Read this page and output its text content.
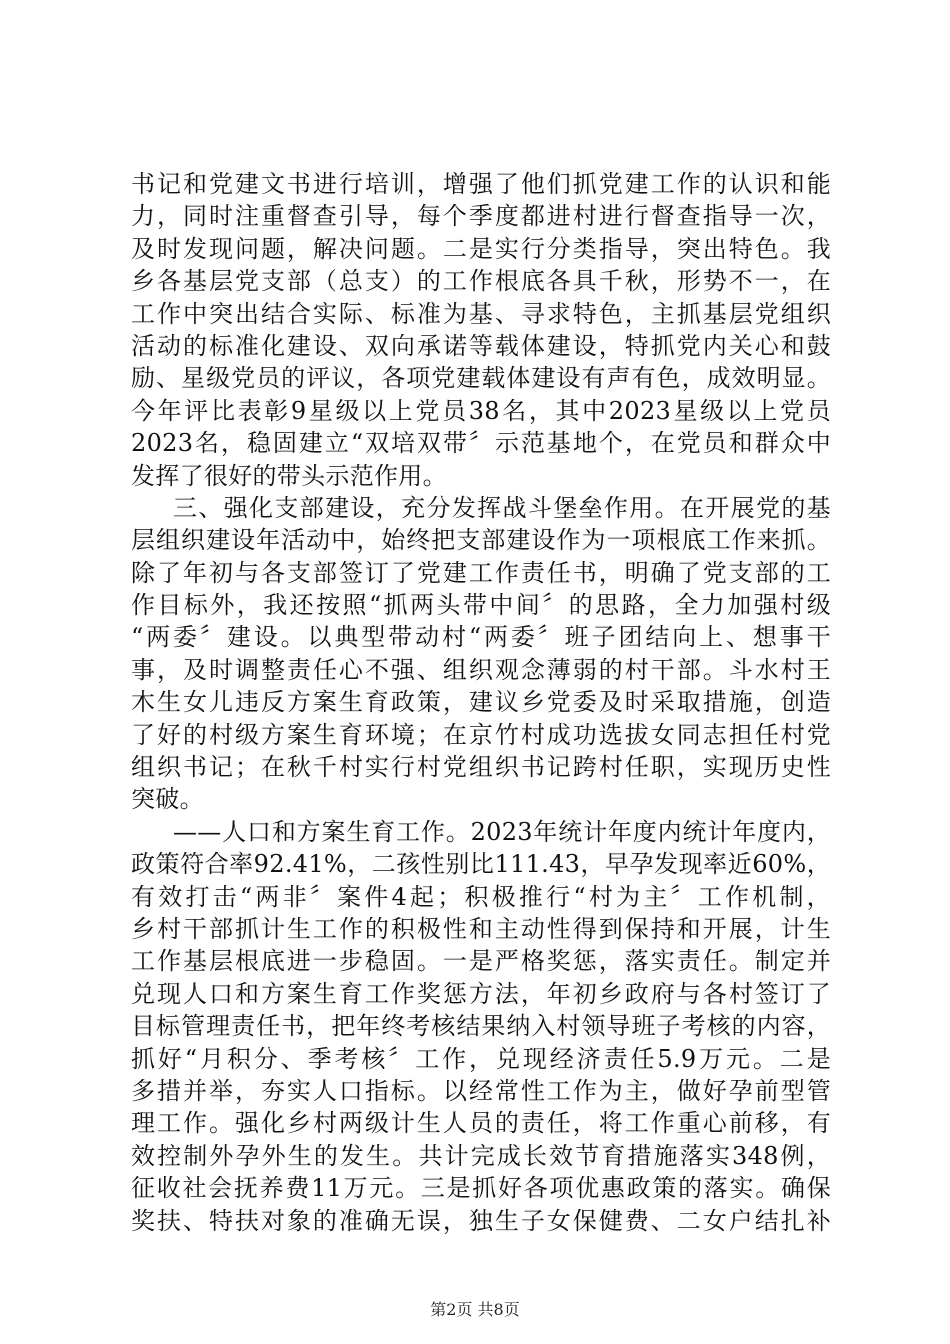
书记和党建文书进行培训，增强了他们抓党建工作的认识和能
力，同时注重督查引导，每个季度都进村进行督查指导一次，
及时发现问题，解决问题。二是实行分类指导，突出特色。我
乡各基层党支部（总支）的工作根底各具千秋，形势不一，在
工作中突出结合实际、标准为基、寻求特色，主抓基层党组织
活动的标准化建设、双向承诺等载体建设，特抓党内关心和鼓
励、星级党员的评议，各项党建载体建设有声有色，成效明显。
今年评比表彰9星级以上党员38名，其中2023星级以上党员
2023名，稳固建立“双培双带〞示范基地个，在党员和群众中
发挥了很好的带头示范作用。
三、强化支部建设，充分发挥战斗堡垒作用。在开展党的基
层组织建设年活动中，始终把支部建设作为一项根底工作来抓。
除了年初与各支部签订了党建工作责任书，明确了党支部的工
作目标外，我还按照“抓两头带中间〞的思路，全力加强村级
“两委〞建设。以典型带动村“两委〞班子团结向上、想事干
事，及时调整责任心不强、组织观念薄弱的村干部。斗水村王
木生女儿违反方案生育政策，建议乡党委及时采取措施，创造
了好的村级方案生育环境；在京竹村成功选拔女同志担任村党
组织书记；在秋千村实行村党组织书记跨村任职，实现历史性
突破。
——人口和方案生育工作。2023年统计年度内统计年度内，
政策符合率92.41%，二孩性别比111.43，早孕发现率近60%，
有效打击“两非〞案件4起；积极推行“村为主〞工作机制，
乡村干部抓计生工作的积极性和主动性得到保持和开展，计生
工作基层根底进一步稳固。一是严格奖惩，落实责任。制定并
兑现人口和方案生育工作奖惩方法，年初乡政府与各村签订了
目标管理责任书，把年终考核结果纳入村领导班子考核的内容，
抓好“月积分、季考核〞工作，兑现经济责任5.9万元。二是
多措并举，夯实人口指标。以经常性工作为主，做好孕前型管
理工作。强化乡村两级计生人员的责任，将工作重心前移，有
效控制外孕外生的发生。共计完成长效节育措施落实348例，
征收社会抚养费11万元。三是抓好各项优惠政策的落实。确保
奖扶、特扶对象的准确无误，独生子女保健费、二女户结扎补
第2页 共8页
